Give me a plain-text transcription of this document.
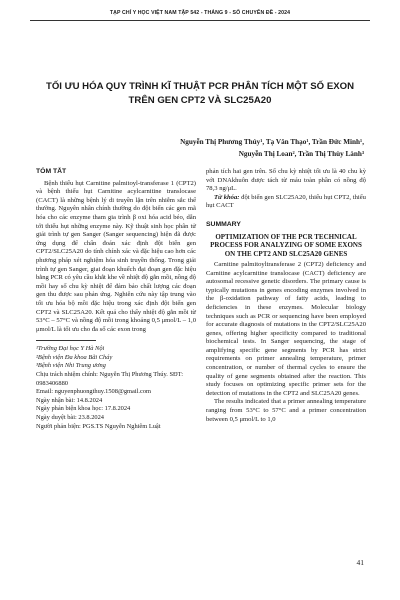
TẠP CHÍ Y HỌC VIỆT NAM TẬP 542 - THÁNG 9 - SỐ CHUYÊN ĐỀ - 2024
TỐI ƯU HÓA QUY TRÌNH KĨ THUẬT PCR PHÂN TÍCH MỘT SỐ EXON
TRÊN GEN CPT2 VÀ SLC25A20
Nguyễn Thị Phương Thúy¹, Tạ Văn Thạo¹, Trần Đức Minh¹,
Nguyễn Thị Loan², Trần Thị Thùy Lành³
TÓM TẮT

Bệnh thiếu hụt Carnitine palmitoyl-transferase 1 (CPT2) và bệnh thiếu hụt Carnitine acylcarnitine translocase (CACT) là những bệnh lý di truyền lặn trên nhiễm sắc thể thường. Nguyên nhân chính thường do đột biến các gen mã hóa cho các enzyme tham gia trình β oxi hóa acid béo, dẫn tới thiếu hụt những enzyme này. Kỹ thuật sinh học phân tử giải trình tự gen Sanger (Sanger sequencing) hiện đã được ứng dụng để chẩn đoán xác định đột biến gen CPT2/SLC25A20 do tính chính xác và đặc hiệu cao hơn các phương pháp xét nghiệm hóa sinh truyền thống. Trong giải trình tự gen Sanger, giai đoạn khuếch đại đoạn gen đặc hiệu bằng PCR có yêu cầu khắt khe về nhiệt độ gắn mồi, nồng độ mồi hay số chu kỳ nhiệt để đảm bảo chất lượng các đoạn gen thu được sau phản ứng. Nghiên cứu này tập trung vào tối ưu hóa bộ mồi đặc hiệu trong xác định đột biến gen CPT2 và SLC25A20. Kết quả cho thấy nhiệt độ gắn mồi từ 53°C – 57°C và nồng độ mồi trong khoảng 0,5 μmol/L – 1,0 μmol/L là tối ưu cho đa số các exon trong

¹Trường Đại học Y Hà Nội
²Bệnh viện Đa khoa Bãi Cháy
³Bệnh viện Nhi Trung ương
Chịu trách nhiệm chính: Nguyễn Thị Phương Thúy. SĐT: 0983406880
Email: nguyenphuongthuy.1508@gmail.com
Ngày nhận bài: 14.8.2024
Ngày phản biện khoa học: 17.8.2024
Ngày duyệt bài: 23.8.2024
Người phản biện: PGS.TS Nguyễn Nghiêm Luật

phản tích hai gen trên. Số chu kỳ nhiệt tối ưu là 40 chu kỳ với DNAkhuôn được tách từ máu toàn phần có nồng độ 78,3 ng/μL.

Từ khóa: đột biến gen SLC25A20, thiếu hụt CPT2, thiếu hụt CACT

SUMMARY
OPTIMIZATION OF THE PCR TECHNICAL PROCESS FOR ANALYZING OF SOME EXONS ON THE CPT2 AND SLC25A20 GENES

Carnitine palmitoyltransferase 2 (CPT2) deficiency and Carnitine acylcarnitine translocase (CACT) deficiency are autosomal recessive genetic disorders. The primary cause is typically mutations in genes encoding enzymes involved in the β-oxidation pathway of fatty acids, leading to deficiencies in these enzymes. Molecular biology techniques such as PCR or sequencing have been employed for accurate diagnosis of mutations in the CPT2/SLC25A20 genes, offering higher specificity compared to traditional biochemical tests. In Sanger sequencing, the stage of amplifying specific gene segments by PCR has strict requirements on primer annealing temperature, primer concentration, or number of thermal cycles to ensure the quality of gene segments obtained after the reaction. This study focuses on optimizing specific primer sets for the detection of mutations in the CPT2 and SLC25A20 genes.

The results indicated that a primer annealing temperature ranging from 53°C to 57°C and a primer concentration between 0,5 μmol/L to 1,0

41
